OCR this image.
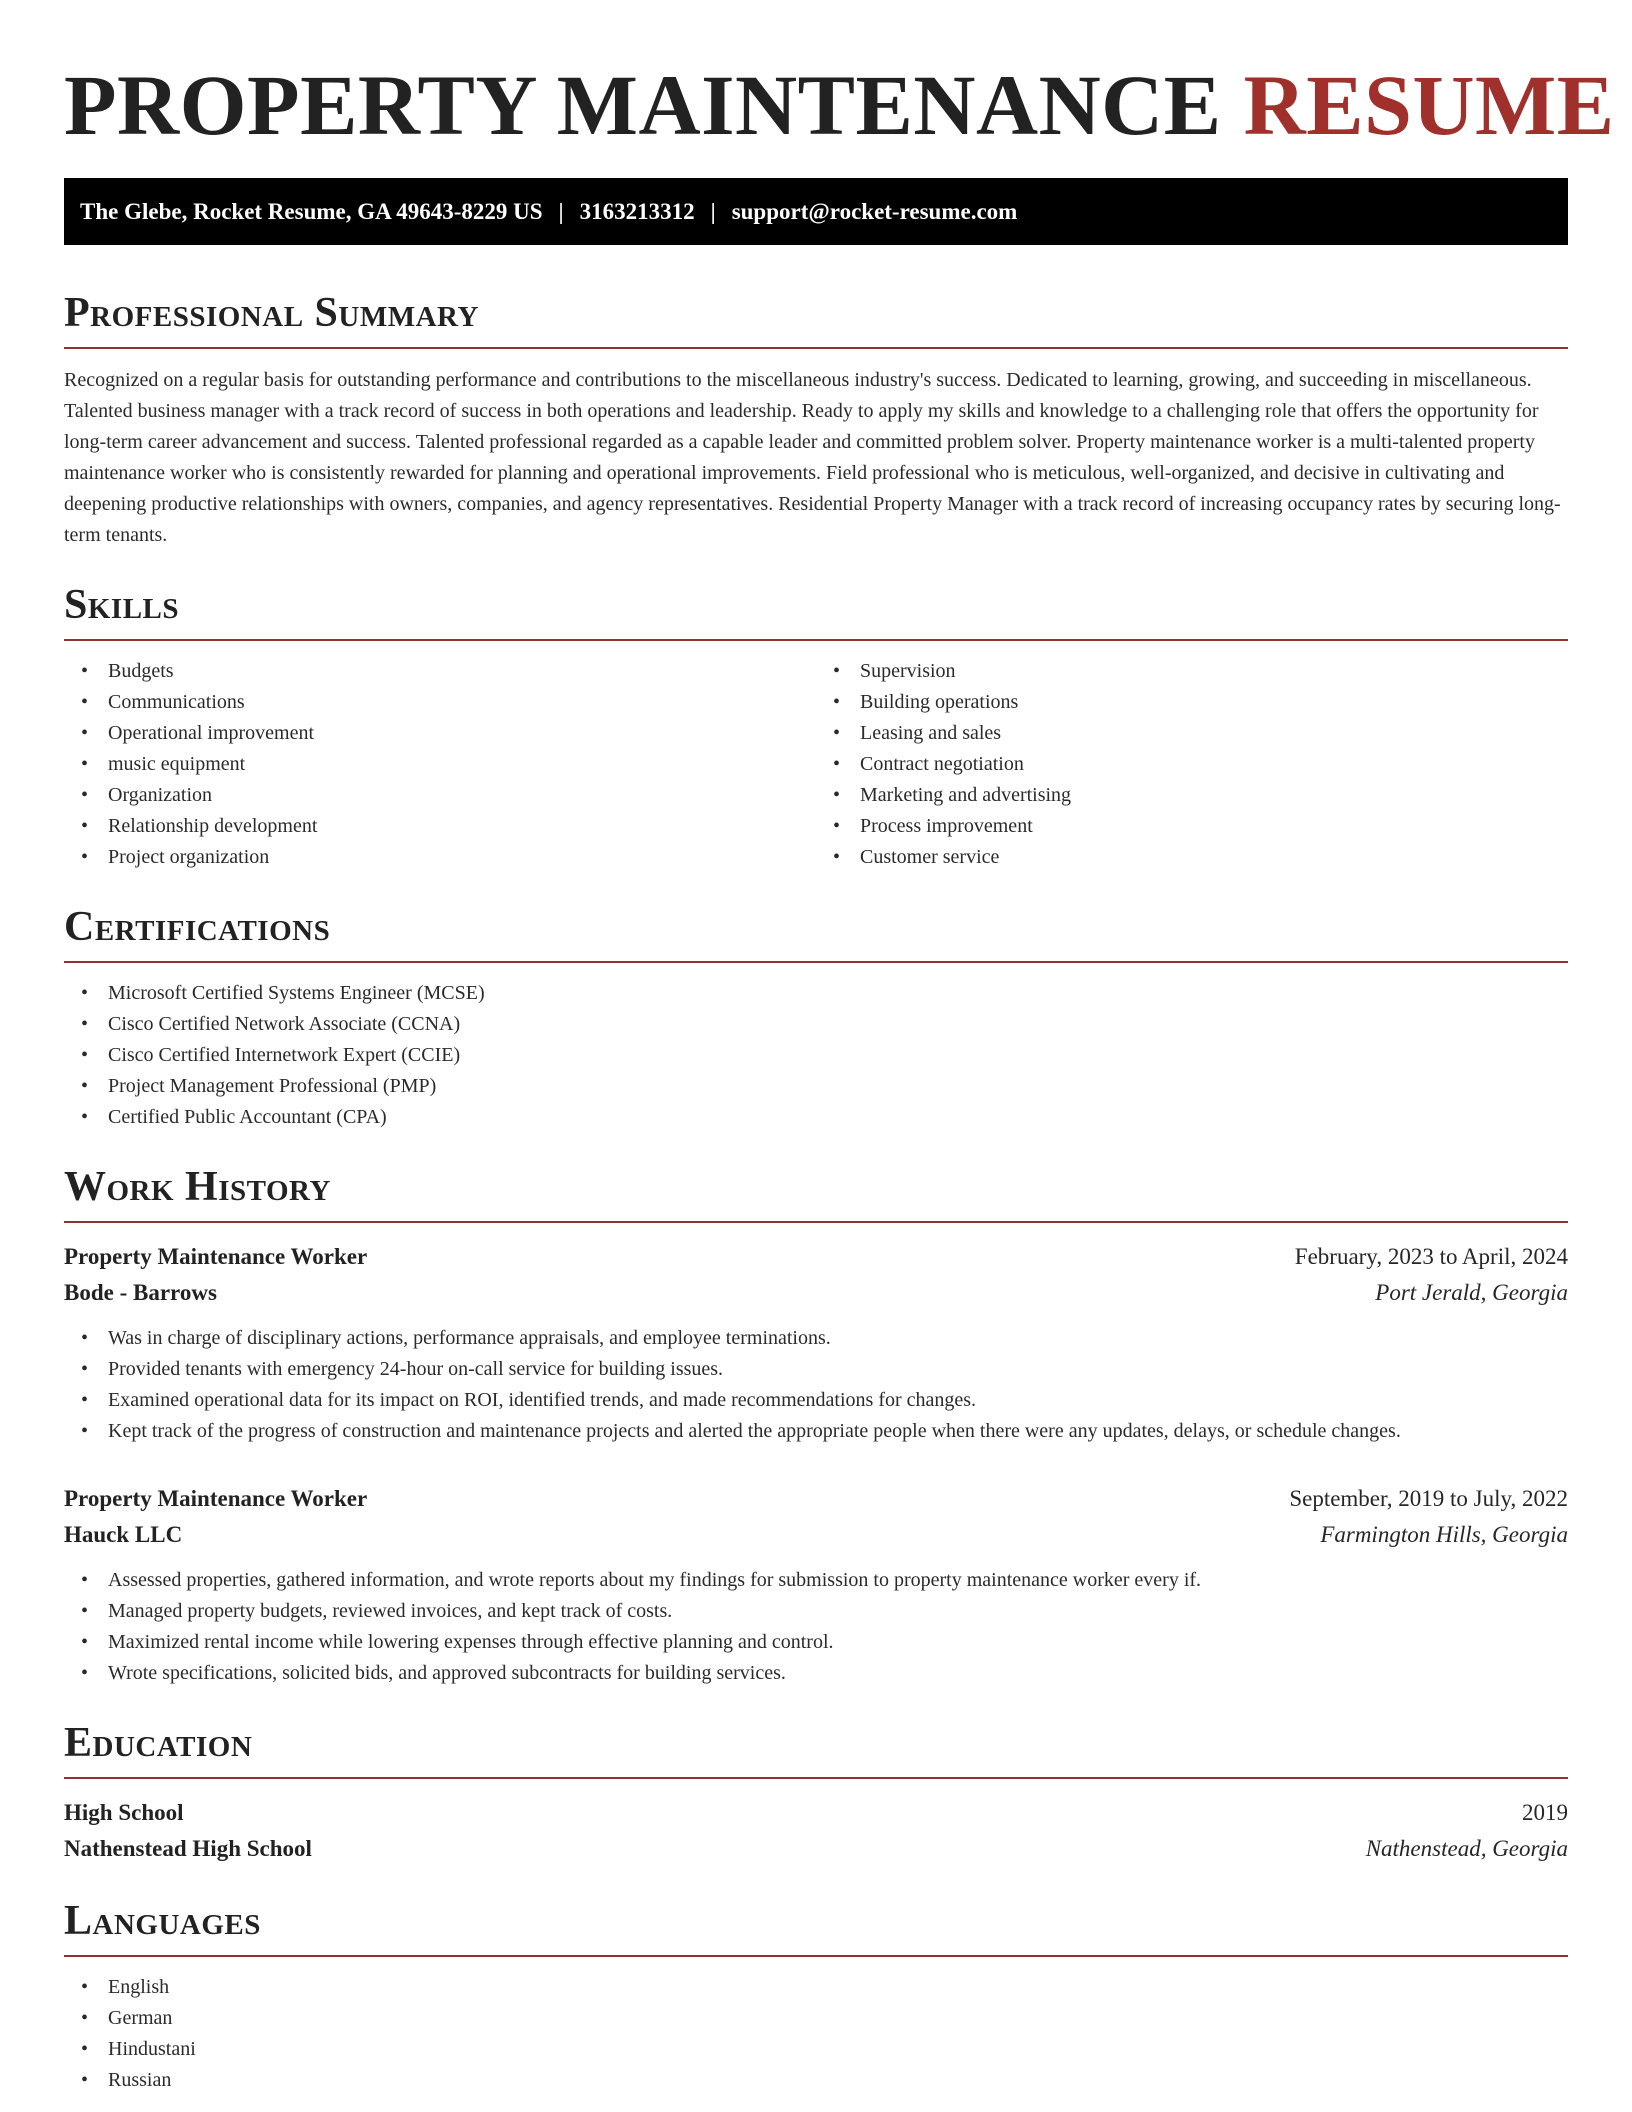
PROPERTY MAINTENANCE RESUME
The Glebe, Rocket Resume, GA 49643-8229 US | 3163213312 | support@rocket-resume.com
Professional Summary

Recognized on a regular basis for outstanding performance and contributions to the miscellaneous industry's success. Dedicated to learning, growing, and succeeding in miscellaneous. Talented business manager with a track record of success in both operations and leadership. Ready to apply my skills and knowledge to a challenging role that offers the opportunity for long-term career advancement and success. Talented professional regarded as a capable leader and committed problem solver. Property maintenance worker is a multi-talented property maintenance worker who is consistently rewarded for planning and operational improvements. Field professional who is meticulous, well-organized, and decisive in cultivating and deepening productive relationships with owners, companies, and agency representatives. Residential Property Manager with a track record of increasing occupancy rates by securing long-term tenants.

Skills
• Budgets
• Communications
• Operational improvement
• music equipment
• Organization
• Relationship development
• Project organization
• Supervision
• Building operations
• Leasing and sales
• Contract negotiation
• Marketing and advertising
• Process improvement
• Customer service
Certifications
• Microsoft Certified Systems Engineer (MCSE)
• Cisco Certified Network Associate (CCNA)
• Cisco Certified Internetwork Expert (CCIE)
• Project Management Professional (PMP)
• Certified Public Accountant (CPA)
Work History
Property Maintenance Worker	February, 2023 to April, 2024
Bode - Barrows	Port Jerald, Georgia
• Was in charge of disciplinary actions, performance appraisals, and employee terminations.
• Provided tenants with emergency 24-hour on-call service for building issues.
• Examined operational data for its impact on ROI, identified trends, and made recommendations for changes.
• Kept track of the progress of construction and maintenance projects and alerted the appropriate people when there were any updates, delays, or schedule changes.
Property Maintenance Worker	September, 2019 to July, 2022
Hauck LLC	Farmington Hills, Georgia
• Assessed properties, gathered information, and wrote reports about my findings for submission to property maintenance worker every if.
• Managed property budgets, reviewed invoices, and kept track of costs.
• Maximized rental income while lowering expenses through effective planning and control.
• Wrote specifications, solicited bids, and approved subcontracts for building services.
Education
High School	2019
Nathenstead High School	Nathenstead, Georgia
Languages
• English
• German
• Hindustani
• Russian
